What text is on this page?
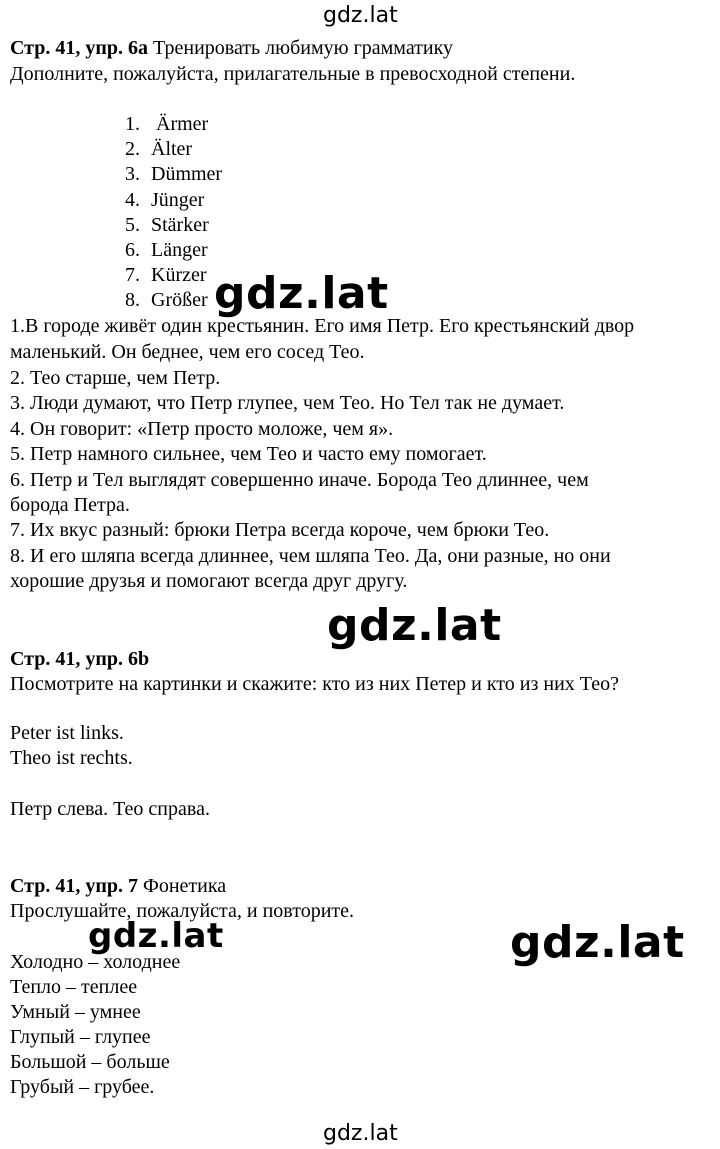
gdz.lat
Стр. 41, упр. 6a Тренировать любимую грамматику
Дополните, пожалуйста, прилагательные в превосходной степени.
1. Ärmer
2. Älter
3. Dümmer
4. Jünger
5. Stärker
6. Länger
7. Kürzer
8. Größer
1.В городе живёт один крестьянин. Его имя Петр. Его крестьянский двор
маленький. Он беднее, чем его сосед Тео.
2. Тео старше, чем Петр.
3. Люди думают, что Петр глупее, чем Тео. Но Тел так не думает.
4. Он говорит: «Петр просто моложе, чем я».
5. Петр намного сильнее, чем Тео и часто ему помогает.
6. Петр и Тел выглядят совершенно иначе. Борода Тео длиннее, чем
борода Петра.
7. Их вкус разный: брюки Петра всегда короче, чем брюки Тео.
8. И его шляпа всегда длиннее, чем шляпа Тео. Да, они разные, но они
хорошие друзья и помогают всегда друг другу.
gdz.lat
gdz.lat
Стр. 41, упр. 6b
Посмотрите на картинки и скажите: кто из них Петер и кто из них Тео?
Peter ist links.
Theo ist rechts.
Петр слева. Тео справа.
Стр. 41, упр. 7 Фонетика
Прослушайте, пожалуйста, и повторите.
Холодно – холоднее
Тепло – теплее
Умный – умнее
Глупый – глупее
Большой – больше
Грубый – грубее.
gdz.lat	gdz.lat
gdz.lat
